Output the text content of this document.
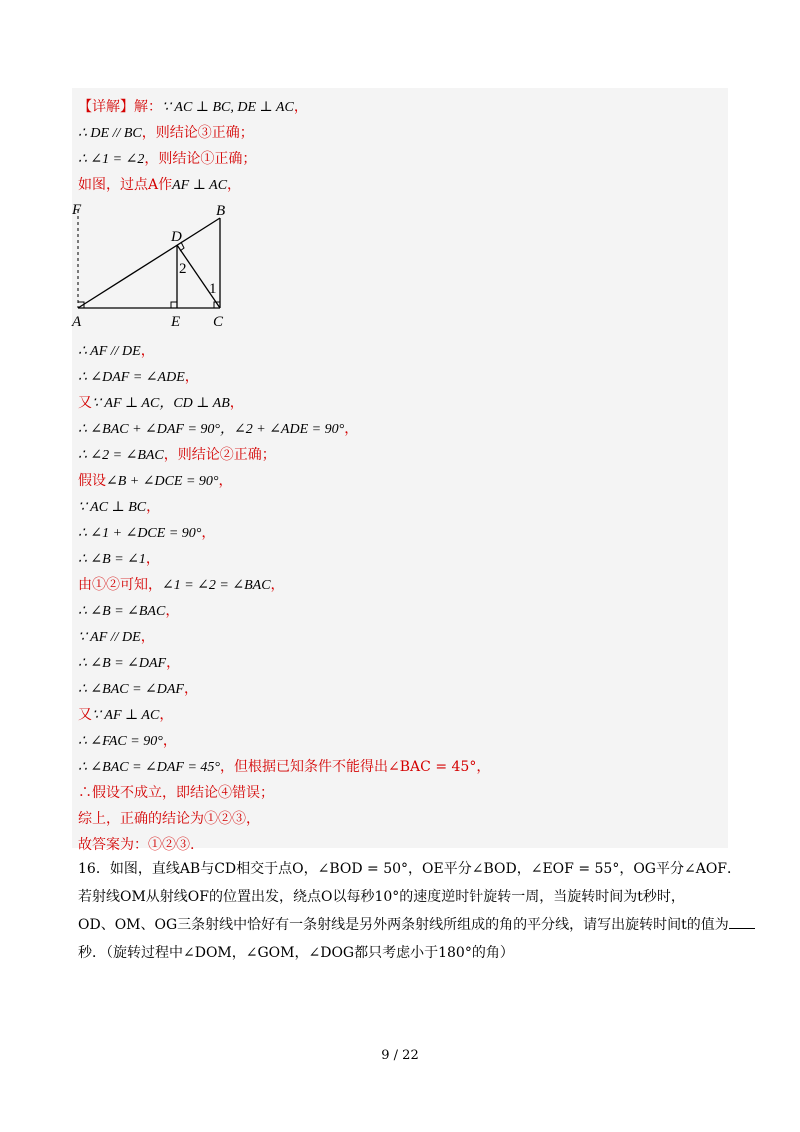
【详解】解：∵ AC ⊥ BC, DE ⊥ AC，
∴ DE // BC，则结论③正确；
∴ ∠1 = ∠2，则结论①正确；
如图，过点A作AF ⊥ AC，
∴ AF // DE，
∴ ∠DAF = ∠ADE，
又∵ AF ⊥ AC，CD ⊥ AB，
∴ ∠BAC + ∠DAF = 90°，∠2 + ∠ADE = 90°，
∴ ∠2 = ∠BAC，则结论②正确；
假设∠B + ∠DCE = 90°，
∵ AC ⊥ BC，
∴ ∠1 + ∠DCE = 90°，
∴ ∠B = ∠1，
由①②可知，∠1 = ∠2 = ∠BAC，
∴ ∠B = ∠BAC，
∵ AF // DE，
∴ ∠B = ∠DAF，
∴ ∠BAC = ∠DAF，
又∵ AF ⊥ AC，
∴ ∠FAC = 90°，
∴ ∠BAC = ∠DAF = 45°，但根据已知条件不能得出∠BAC = 45°，
∴假设不成立，即结论④错误；
综上，正确的结论为①②③，
故答案为：①②③.
F	B
D
2
1
A	E C
16．如图，直线AB与CD相交于点O，∠BOD = 50°，OE平分∠BOD，∠EOF = 55°，OG平分∠AOF．
若射线OM从射线OF的位置出发，绕点O以每秒10°的速度逆时针旋转一周，当旋转时间为t秒时，
OD、OM、OG三条射线中恰好有一条射线是另外两条射线所组成的角的平分线，请写出旋转时间t的值为
秒．（旋转过程中∠DOM，∠GOM，∠DOG都只考虑小于180°的角）
9 / 22
